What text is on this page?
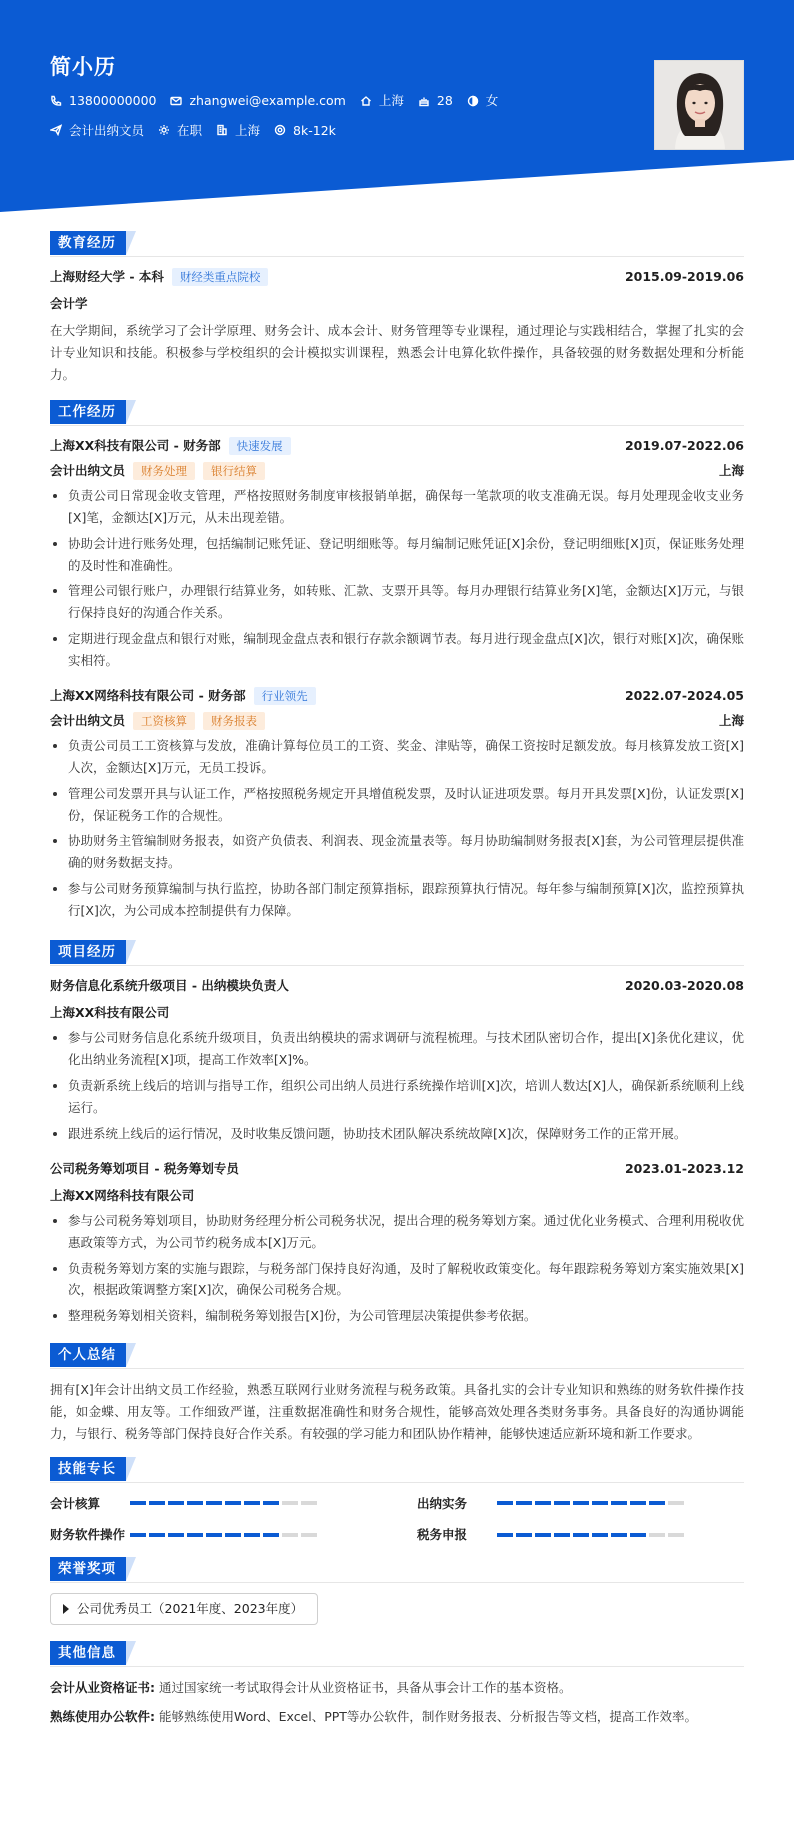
简小历
13800000000	zhangwei@example.com	上海	28	女
会计出纳文员	在职	上海	8k-12k
教育经历
上海财经大学 - 本科 财经类重点院校	2015.09-2019.06
会计学
在大学期间，系统学习了会计学原理、财务会计、成本会计、财务管理等专业课程，通过理论与实践相结合，掌握了扎实的会计专业知识和技能。积极参与学校组织的会计模拟实训课程，熟悉会计电算化软件操作，具备较强的财务数据处理和分析能力。
工作经历
上海XX科技有限公司 - 财务部 快速发展	2019.07-2022.06
会计出纳文员 财务处理 银行结算	上海
负责公司日常现金收支管理，严格按照财务制度审核报销单据，确保每一笔款项的收支准确无误。每月处理现金收支业务[X]笔，金额达[X]万元，从未出现差错。
协助会计进行账务处理，包括编制记账凭证、登记明细账等。每月编制记账凭证[X]余份，登记明细账[X]页，保证账务处理的及时性和准确性。
管理公司银行账户，办理银行结算业务，如转账、汇款、支票开具等。每月办理银行结算业务[X]笔，金额达[X]万元，与银行保持良好的沟通合作关系。
定期进行现金盘点和银行对账，编制现金盘点表和银行存款余额调节表。每月进行现金盘点[X]次，银行对账[X]次，确保账实相符。
上海XX网络科技有限公司 - 财务部 行业领先	2022.07-2024.05
会计出纳文员 工资核算 财务报表	上海
负责公司员工工资核算与发放，准确计算每位员工的工资、奖金、津贴等，确保工资按时足额发放。每月核算发放工资[X]人次，金额达[X]万元，无员工投诉。
管理公司发票开具与认证工作，严格按照税务规定开具增值税发票，及时认证进项发票。每月开具发票[X]份，认证发票[X]份，保证税务工作的合规性。
协助财务主管编制财务报表，如资产负债表、利润表、现金流量表等。每月协助编制财务报表[X]套，为公司管理层提供准确的财务数据支持。
参与公司财务预算编制与执行监控，协助各部门制定预算指标，跟踪预算执行情况。每年参与编制预算[X]次，监控预算执行[X]次，为公司成本控制提供有力保障。
项目经历
财务信息化系统升级项目 - 出纳模块负责人	2020.03-2020.08
上海XX科技有限公司
参与公司财务信息化系统升级项目，负责出纳模块的需求调研与流程梳理。与技术团队密切合作，提出[X]条优化建议，优化出纳业务流程[X]项，提高工作效率[X]%。
负责新系统上线后的培训与指导工作，组织公司出纳人员进行系统操作培训[X]次，培训人数达[X]人，确保新系统顺利上线运行。
跟进系统上线后的运行情况，及时收集反馈问题，协助技术团队解决系统故障[X]次，保障财务工作的正常开展。
公司税务筹划项目 - 税务筹划专员	2023.01-2023.12
上海XX网络科技有限公司
参与公司税务筹划项目，协助财务经理分析公司税务状况，提出合理的税务筹划方案。通过优化业务模式、合理利用税收优惠政策等方式，为公司节约税务成本[X]万元。
负责税务筹划方案的实施与跟踪，与税务部门保持良好沟通，及时了解税收政策变化。每年跟踪税务筹划方案实施效果[X]次，根据政策调整方案[X]次，确保公司税务合规。
整理税务筹划相关资料，编制税务筹划报告[X]份，为公司管理层决策提供参考依据。
个人总结
拥有[X]年会计出纳文员工作经验，熟悉互联网行业财务流程与税务政策。具备扎实的会计专业知识和熟练的财务软件操作技能，如金蝶、用友等。工作细致严谨，注重数据准确性和财务合规性，能够高效处理各类财务事务。具备良好的沟通协调能力，与银行、税务等部门保持良好合作关系。有较强的学习能力和团队协作精神，能够快速适应新环境和新工作要求。
技能专长
会计核算	出纳实务
财务软件操作	税务申报
荣誉奖项
公司优秀员工（2021年度、2023年度）
其他信息
会计从业资格证书: 通过国家统一考试取得会计从业资格证书，具备从事会计工作的基本资格。
熟练使用办公软件: 能够熟练使用Word、Excel、PPT等办公软件，制作财务报表、分析报告等文档，提高工作效率。
